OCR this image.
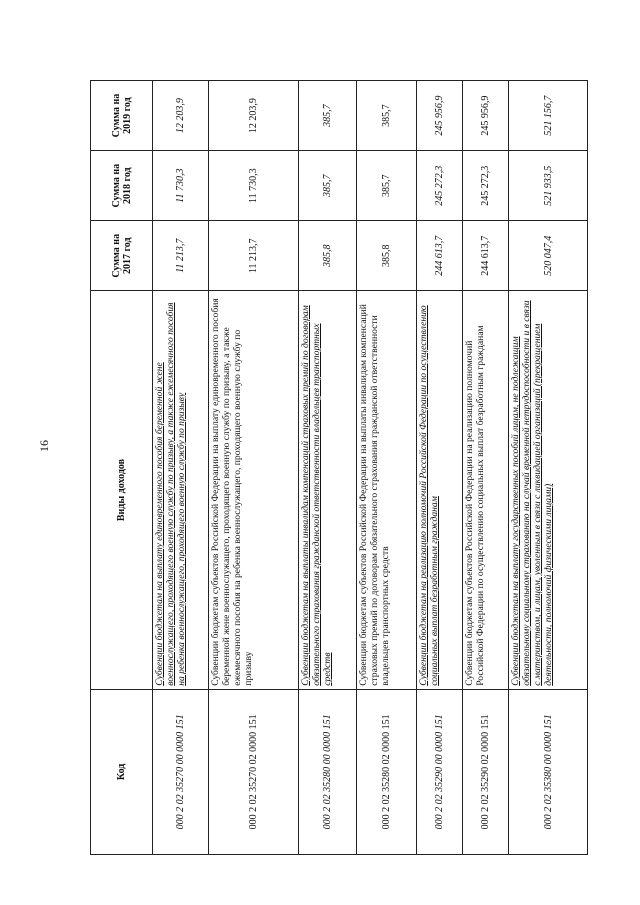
16
Код	Виды доходов	Сумма на 2017 год	Сумма на 2018 год	Сумма на 2019 год
000 2 02 35270 00 0000 151	Субвенции бюджетам на выплату единовременного пособия беременной жене военнослужащего, проходящего военную службу по призыву, а также ежемесячного пособия на ребенка военнослужащего, проходящего военную службу по призыву	11 213,7	11 730,3	12 203,9
000 2 02 35270 02 0000 151	Субвенции бюджетам субъектов Российской Федерации на выплату единовременного пособия беременной жене военнослужащего, проходящего военную службу по призыву, а также ежемесячного пособия на ребенка военнослужащего, проходящего военную службу по призыву	11 213,7	11 730,3	12 203,9
000 2 02 35280 00 0000 151	Субвенции бюджетам на выплаты инвалидам компенсаций страховых премий по договорам обязательного страхования гражданской ответственности владельцев транспортных средств	385,8	385,7	385,7
000 2 02 35280 02 0000 151	Субвенции бюджетам субъектов Российской Федерации на выплаты инвалидам компенсаций страховых премий по договорам обязательного страхования гражданской ответственности владельцев транспортных средств	385,8	385,7	385,7
000 2 02 35290 00 0000 151	Субвенции бюджетам на реализацию полномочий Российской Федерации по осуществлению социальных выплат безработным гражданам	244 613,7	245 272,3	245 956,9
000 2 02 35290 02 0000 151	Субвенции бюджетам субъектов Российской Федерации на реализацию полномочий Российской Федерации по осуществлению социальных выплат безработным гражданам	244 613,7	245 272,3	245 956,9
000 2 02 35380 00 0000 151	Субвенции бюджетам на выплату государственных пособий лицам, не подлежащим обязательному социальному страхованию на случай временной нетрудоспособности и в связи с материнством, и лицам, уволенным в связи с ликвидацией организаций (прекращением деятельности, полномочий физическими лицами)	520 047,4	521 933,5	521 156,7
